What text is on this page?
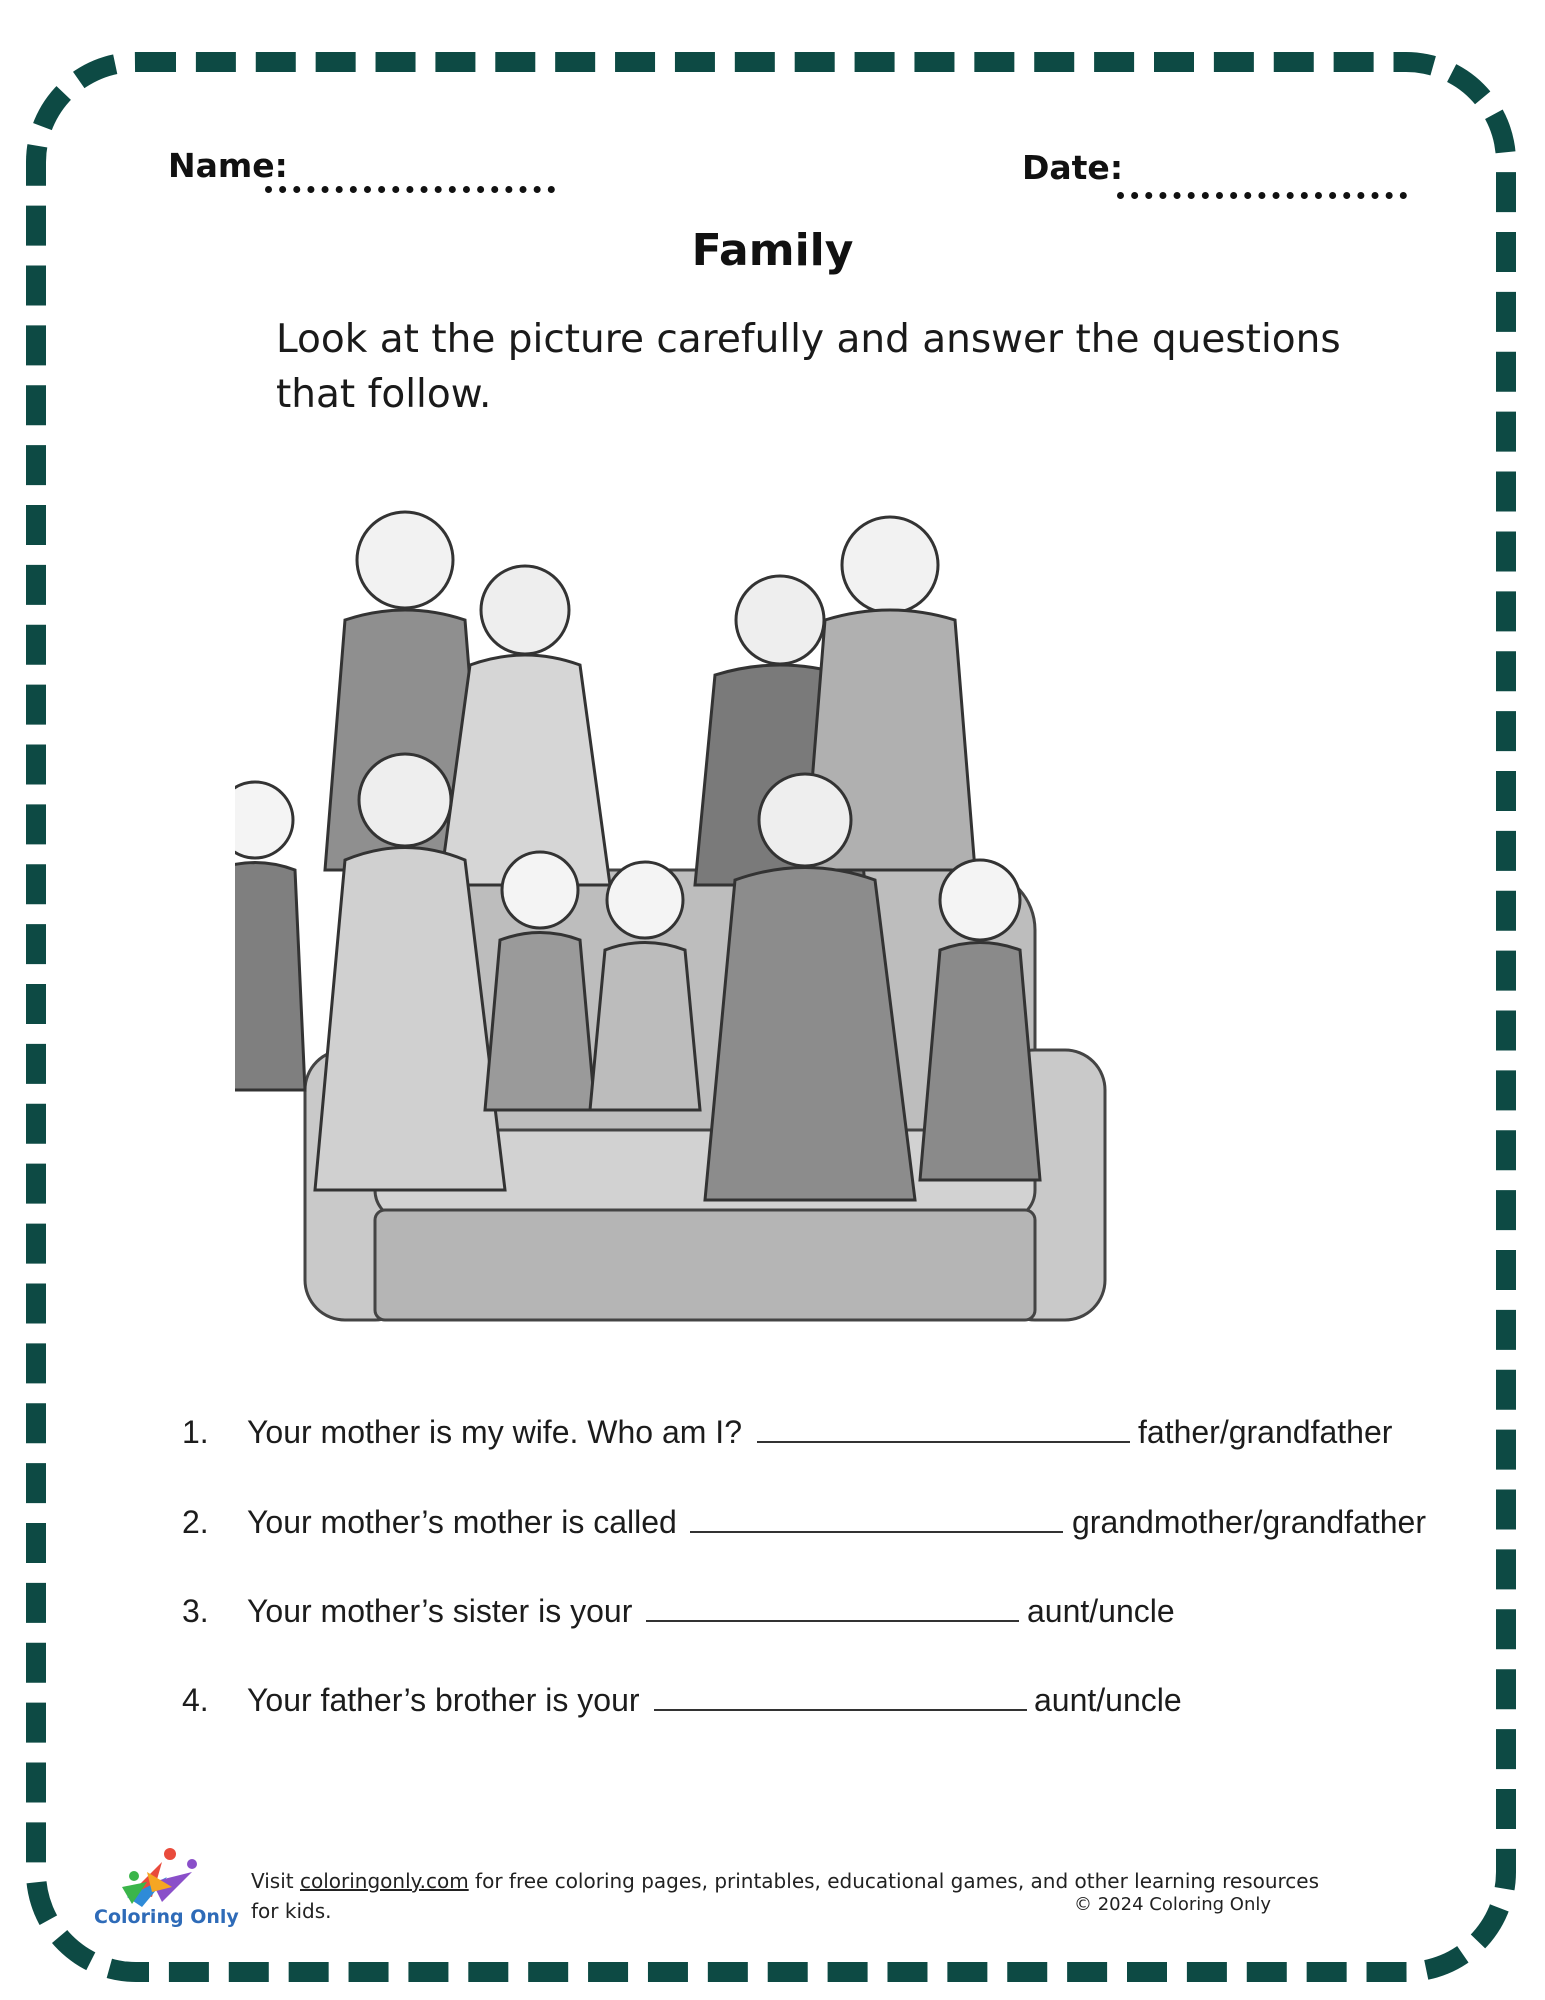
Name:	Date:
Family
Look at the picture carefully and answer the questions that follow.
1. Your mother is my wife. Who am I?	father/grandfather
2. Your mother’s mother is called	grandmother/grandfather
3. Your mother’s sister is your	aunt/uncle
4. Your father’s brother is your	aunt/uncle
Coloring Only
Visit coloringonly.com for free coloring pages, printables, educational games, and other learning resources for kids.	© 2024 Coloring Only
